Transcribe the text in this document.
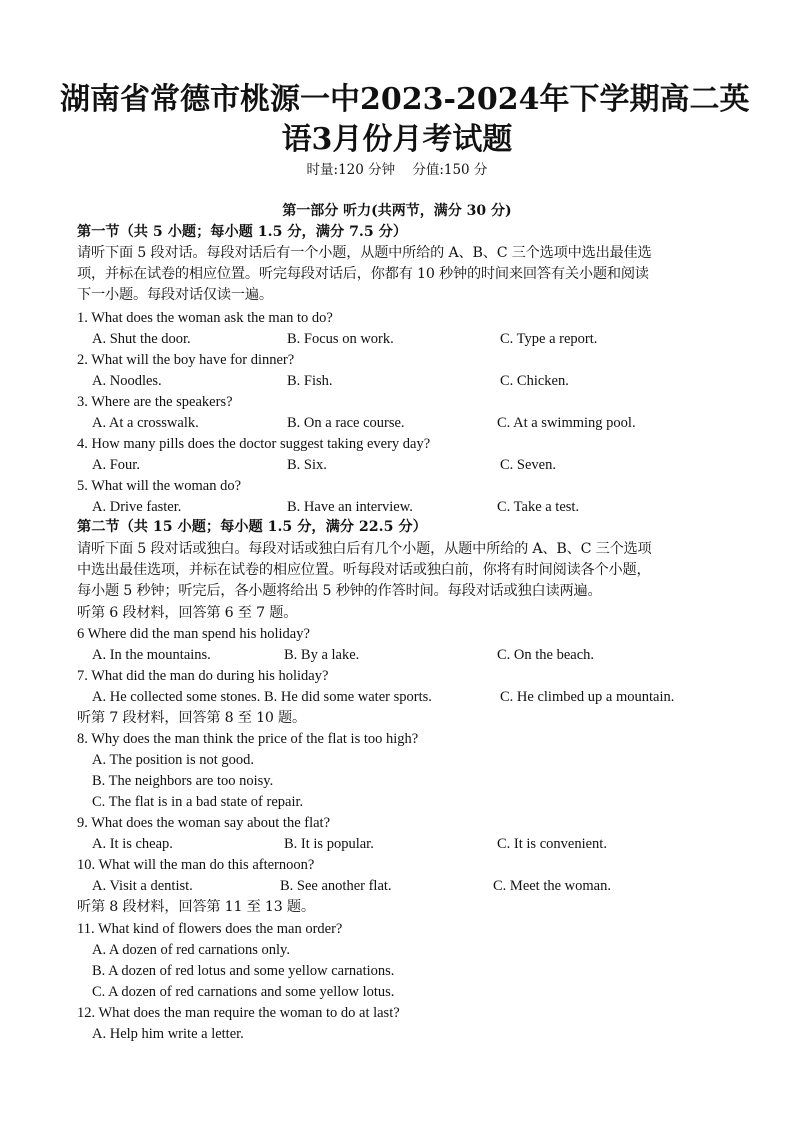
湖南省常德市桃源一中2023-2024年下学期高二英
语3月份月考试题
时量:120 分钟    分值:150 分
第一部分 听力(共两节，满分 30 分)
第一节（共 5 小题；每小题 1.5 分，满分 7.5 分）
请听下面 5 段对话。每段对话后有一个小题，从题中所给的 A、B、C 三个选项中选出最佳选
项，并标在试卷的相应位置。听完每段对话后，你都有 10 秒钟的时间来回答有关小题和阅读
下一小题。每段对话仅读一遍。
1. What does the woman ask the man to do?
A. Shut the door.	B. Focus on work.	C. Type a report.
2. What will the boy have for dinner?
A. Noodles.	B. Fish.	C. Chicken.
3. Where are the speakers?
A. At a crosswalk.	B. On a race course.	C. At a swimming pool.
4. How many pills does the doctor suggest taking every day?
A. Four.	B. Six.	C. Seven.
5. What will the woman do?
A. Drive faster.	B. Have an interview.	C. Take a test.
第二节（共 15 小题；每小题 1.5 分，满分 22.5 分）
请听下面 5 段对话或独白。每段对话或独白后有几个小题，从题中所给的 A、B、C 三个选项
中选出最佳选项，并标在试卷的相应位置。听每段对话或独白前，你将有时间阅读各个小题，
每小题 5 秒钟；听完后，各小题将给出 5 秒钟的作答时间。每段对话或独白读两遍。
听第 6 段材料，回答第 6 至 7 题。
6 Where did the man spend his holiday?
A. In the mountains.	B. By a lake.	C. On the beach.
7. What did the man do during his holiday?
A. He collected some stones. B. He did some water sports.	C. He climbed up a mountain.
听第 7 段材料，回答第 8 至 10 题。
8. Why does the man think the price of the flat is too high?
A. The position is not good.
B. The neighbors are too noisy.
C. The flat is in a bad state of repair.
9. What does the woman say about the flat?
A. It is cheap.	B. It is popular.	C. It is convenient.
10. What will the man do this afternoon?
A. Visit a dentist.	B. See another flat.	C. Meet the woman.
听第 8 段材料，回答第 11 至 13 题。
11. What kind of flowers does the man order?
A. A dozen of red carnations only.
B. A dozen of red lotus and some yellow carnations.
C. A dozen of red carnations and some yellow lotus.
12. What does the man require the woman to do at last?
A. Help him write a letter.
